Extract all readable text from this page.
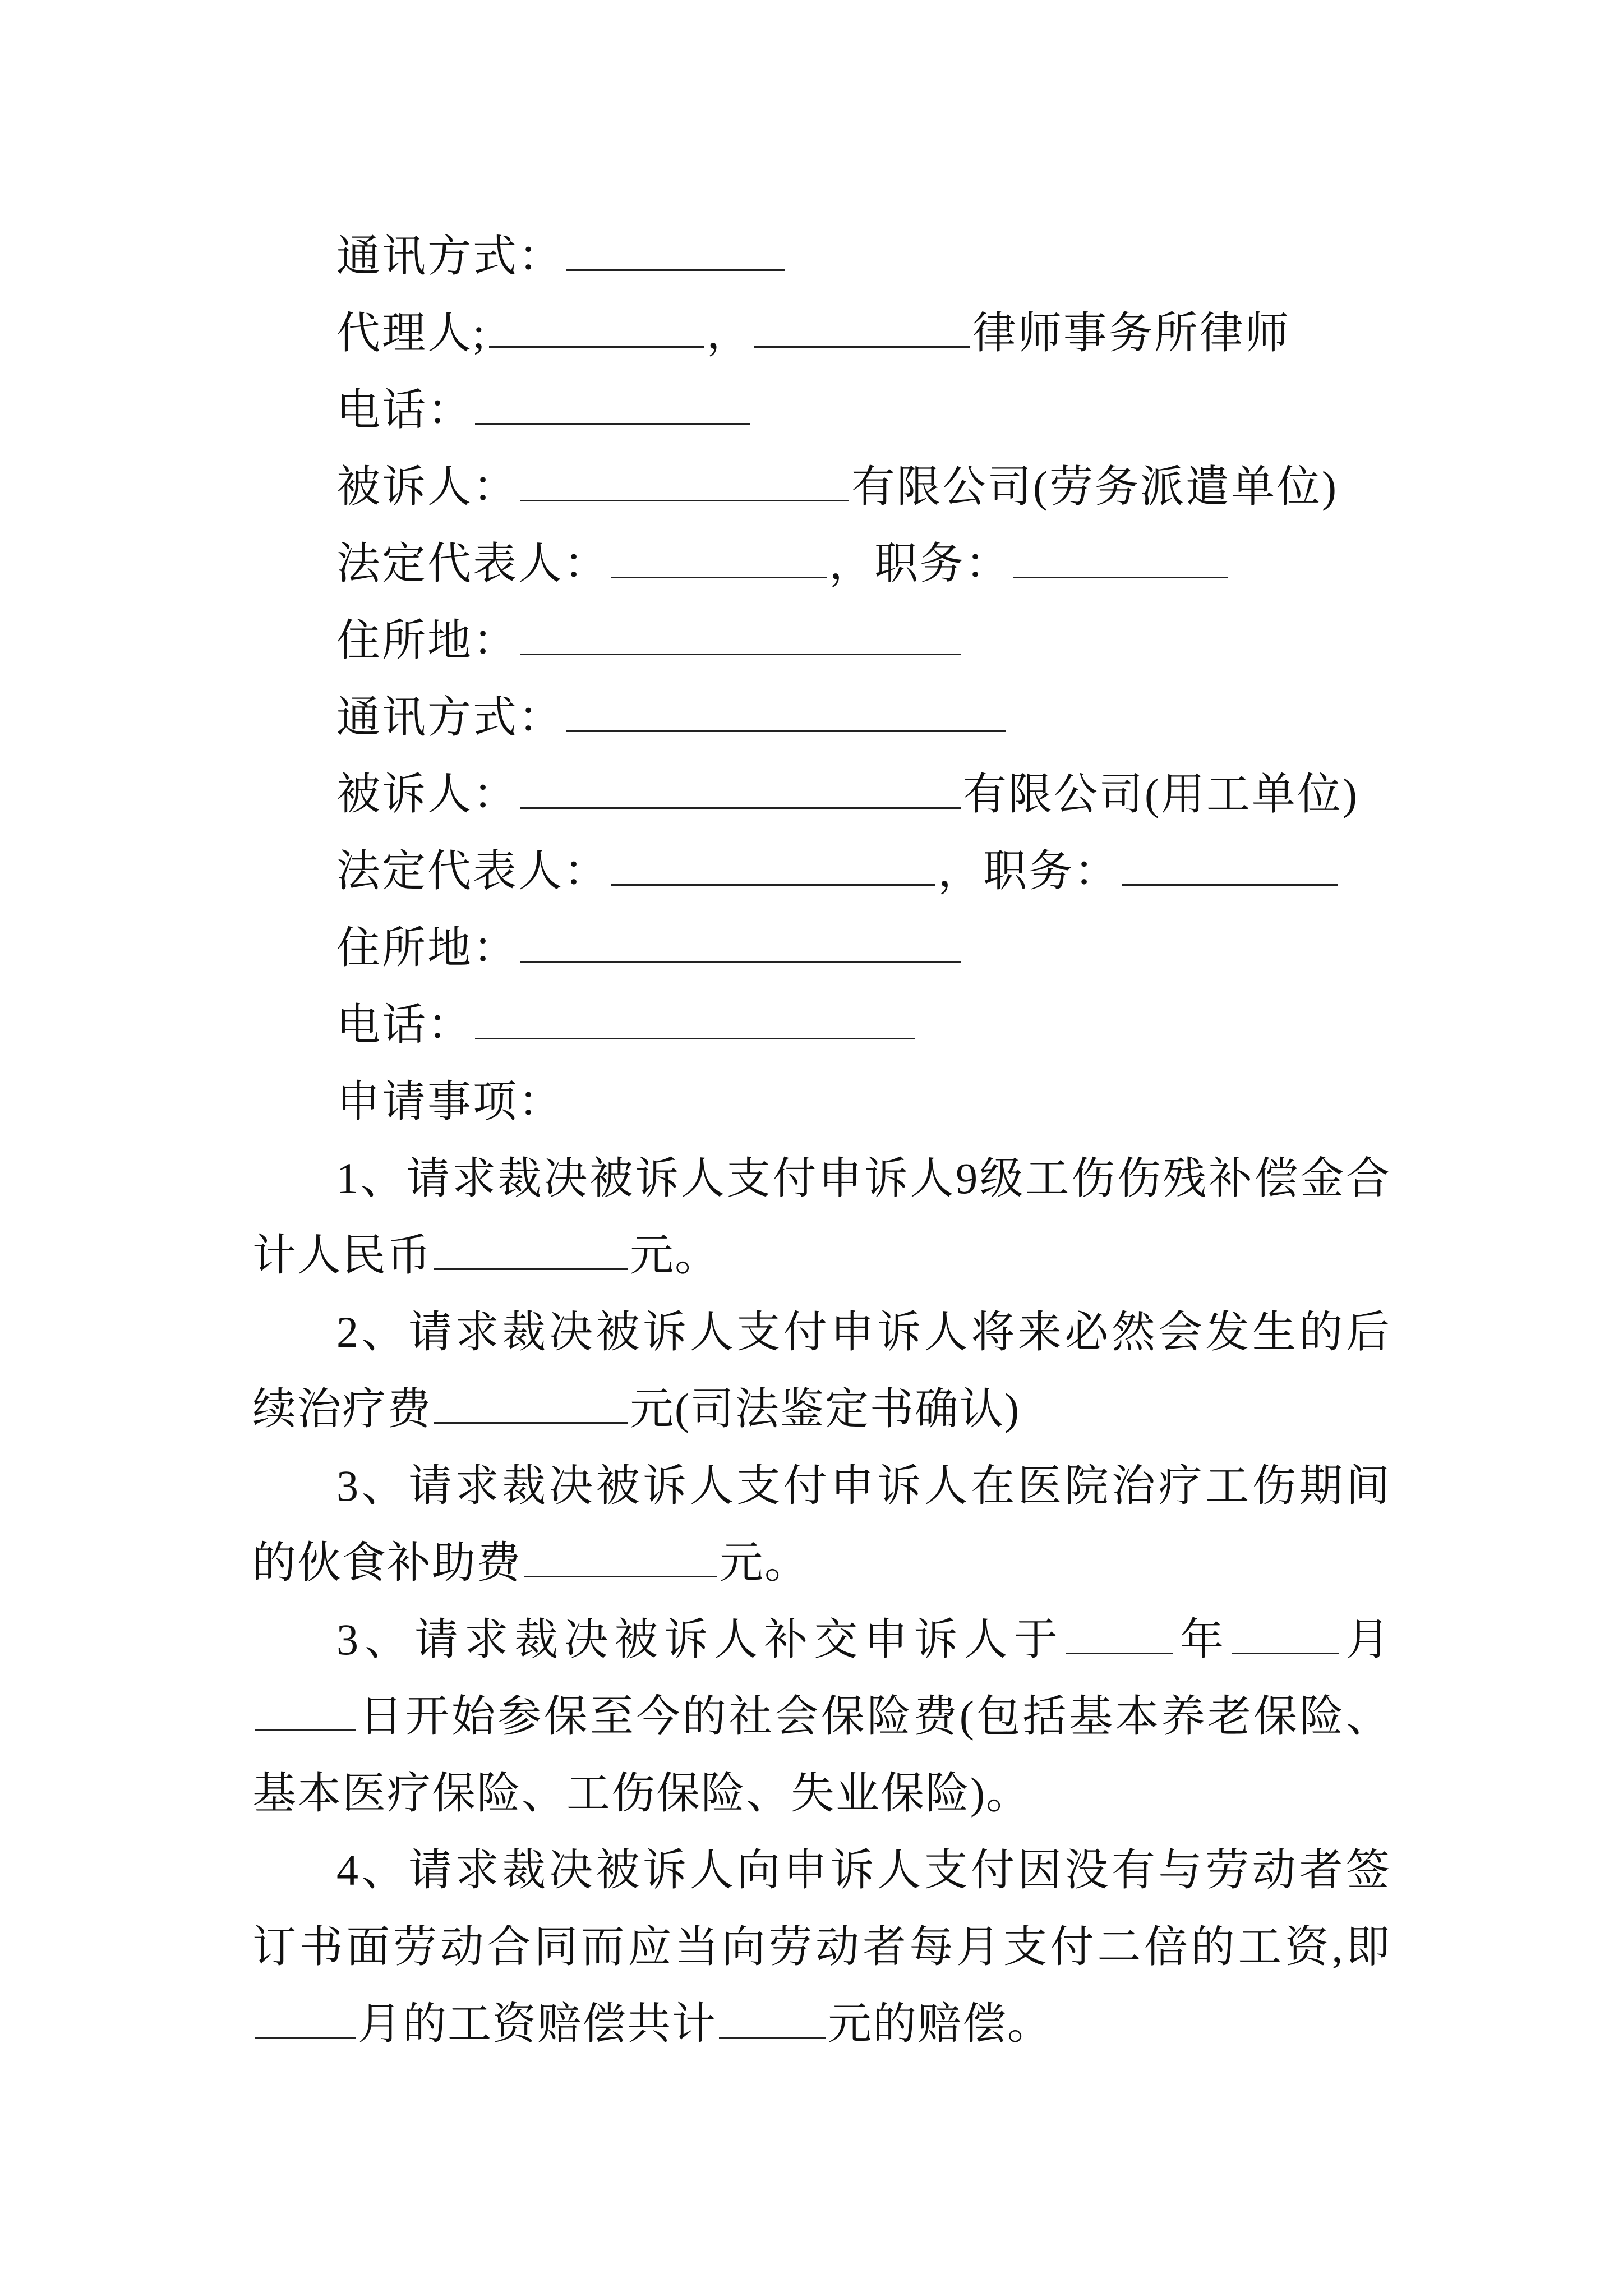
通讯方式：
代理人;	，	律师事务所律师
电话：
被诉人：	有限公司(劳务派遣单位)
法定代表人：	，职务：
住所地：
通讯方式：
被诉人：	有限公司(用工单位)
法定代表人：	，职务：
住所地：
电话：
申请事项：
1、请求裁决被诉人支付申诉人9级工伤伤残补偿金合计人民币	元。
2、请求裁决被诉人支付申诉人将来必然会发生的后续治疗费	元(司法鉴定书确认)
3、请求裁决被诉人支付申诉人在医院治疗工伤期间的伙食补助费	元。
3、请求裁决被诉人补交申诉人于	年	月日开始参保至今的社会保险费(包括基本养老保险、基本医疗保险、工伤保险、失业保险)。
4、请求裁决被诉人向申诉人支付因没有与劳动者签订书面劳动合同而应当向劳动者每月支付二倍的工资,即月的工资赔偿共计	元的赔偿。
